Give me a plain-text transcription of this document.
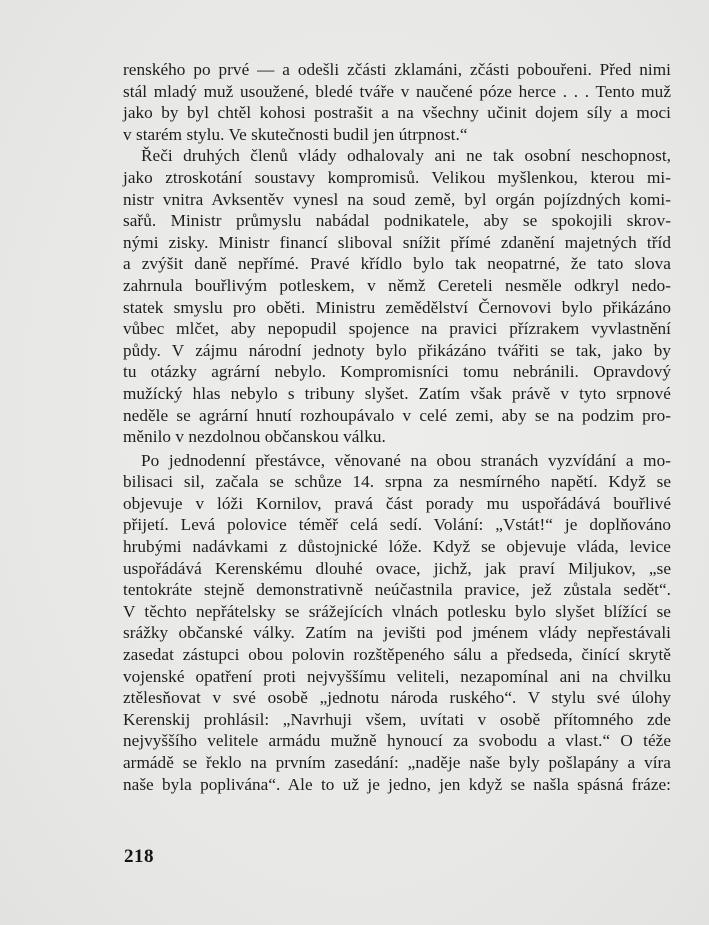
renského po prvé — a odešli zčásti zklamáni, zčásti pobouřeni. Před nimi
stál mladý muž usoužené, bledé tváře v naučené póze herce . . . Tento muž
jako by byl chtěl kohosi postrašit a na všechny učinit dojem síly a moci
v starém stylu. Ve skutečnosti budil jen útrpnost.“
Řeči druhých členů vlády odhalovaly ani ne tak osobní neschopnost,
jako ztroskotání soustavy kompromisů. Velikou myšlenkou, kterou mi-
nistr vnitra Avksentěv vynesl na soud země, byl orgán pojízdných komi-
sařů. Ministr průmyslu nabádal podnikatele, aby se spokojili skrov-
nými zisky. Ministr financí sliboval snížit přímé zdanění majetných tříd
a zvýšit daně nepřímé. Pravé křídlo bylo tak neopatrné, že tato slova
zahrnula bouřlivým potleskem, v němž Cereteli nesměle odkryl nedo-
statek smyslu pro oběti. Ministru zemědělství Černovovi bylo přikázáno
vůbec mlčet, aby nepopudil spojence na pravici přízrakem vyvlastnění
půdy. V zájmu národní jednoty bylo přikázáno tvářiti se tak, jako by
tu otázky agrární nebylo. Kompromisníci tomu nebránili. Opravdový
mužícký hlas nebylo s tribuny slyšet. Zatím však právě v tyto srpnové
neděle se agrární hnutí rozhoupávalo v celé zemi, aby se na podzim pro-
měnilo v nezdolnou občanskou válku.
Po jednodenní přestávce, věnované na obou stranách vyzvídání a mo-
bilisaci sil, začala se schůze 14. srpna za nesmírného napětí. Když se
objevuje v lóži Kornilov, pravá část porady mu uspořádává bouřlivé
přijetí. Levá polovice téměř celá sedí. Volání: „Vstát!“ je doplňováno
hrubými nadávkami z důstojnické lóže. Když se objevuje vláda, levice
uspořádává Kerenskému dlouhé ovace, jichž, jak praví Miljukov, „se
tentokráte stejně demonstrativně neúčastnila pravice, jež zůstala sedět“.
V těchto nepřátelsky se srážejících vlnách potlesku bylo slyšet blížící se
srážky občanské války. Zatím na jevišti pod jménem vlády nepřestávali
zasedat zástupci obou polovin rozštěpeného sálu a předseda, činící skrytě
vojenské opatření proti nejvyššímu veliteli, nezapomínal ani na chvilku
ztělesňovat v své osobě „jednotu národa ruského“. V stylu své úlohy
Kerenskij prohlásil: „Navrhuji všem, uvítati v osobě přítomného zde
nejvyššího velitele armádu mužně hynoucí za svobodu a vlast.“ O téže
armádě se řeklo na prvním zasedání: „naděje naše byly pošlapány a víra
naše byla poplivána“. Ale to už je jedno, jen když se našla spásná fráze:
218
